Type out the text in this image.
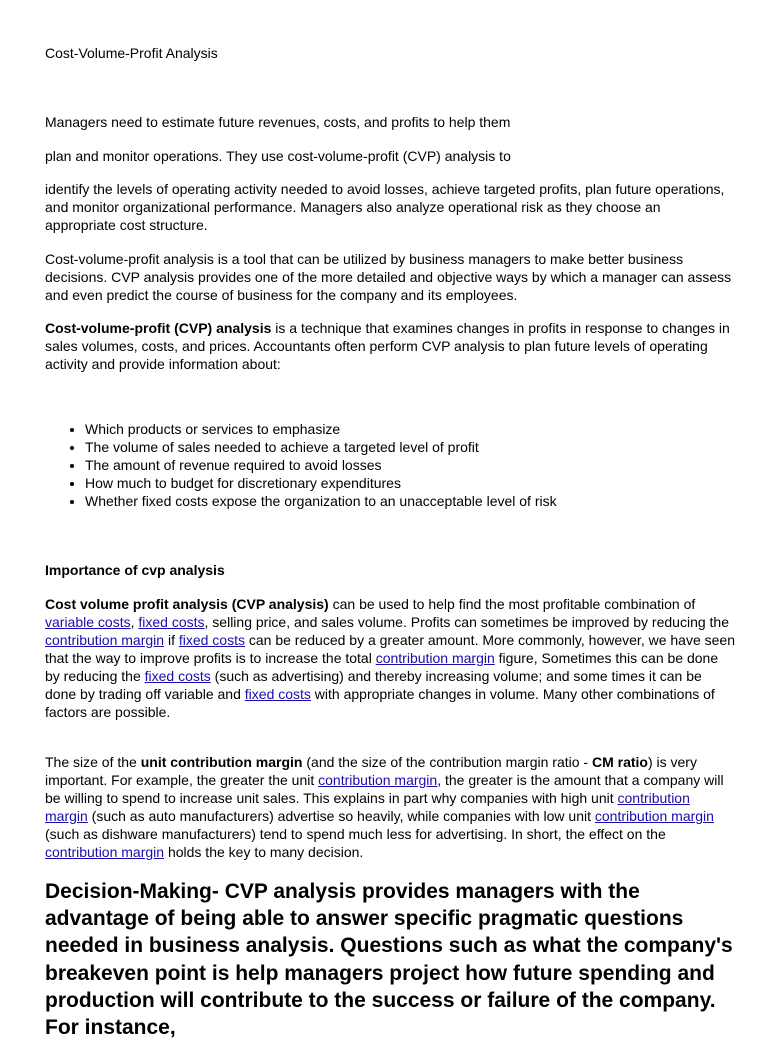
Cost-Volume-Profit Analysis

Managers need to estimate future revenues, costs, and profits to help them

plan and monitor operations. They use cost-volume-profit (CVP) analysis to

identify the levels of operating activity needed to avoid losses, achieve targeted profits, plan future operations, and monitor organizational performance. Managers also analyze operational risk as they choose an appropriate cost structure.

Cost-volume-profit analysis is a tool that can be utilized by business managers to make better business decisions. CVP analysis provides one of the more detailed and objective ways by which a manager can assess and even predict the course of business for the company and its employees.

Cost-volume-profit (CVP) analysis is a technique that examines changes in profits in response to changes in sales volumes, costs, and prices. Accountants often perform CVP analysis to plan future levels of operating activity and provide information about:

• Which products or services to emphasize
• The volume of sales needed to achieve a targeted level of profit
• The amount of revenue required to avoid losses
• How much to budget for discretionary expenditures
• Whether fixed costs expose the organization to an unacceptable level of risk
Importance of cvp analysis

Cost volume profit analysis (CVP analysis) can be used to help find the most profitable combination of variable costs, fixed costs, selling price, and sales volume. Profits can sometimes be improved by reducing the contribution margin if fixed costs can be reduced by a greater amount. More commonly, however, we have seen that the way to improve profits is to increase the total contribution margin figure, Sometimes this can be done by reducing the fixed costs (such as advertising) and thereby increasing volume; and some times it can be done by trading off variable and fixed costs with appropriate changes in volume. Many other combinations of factors are possible.

The size of the unit contribution margin (and the size of the contribution margin ratio - CM ratio) is very important. For example, the greater the unit contribution margin, the greater is the amount that a company will be willing to spend to increase unit sales. This explains in part why companies with high unit contribution margin (such as auto manufacturers) advertise so heavily, while companies with low unit contribution margin (such as dishware manufacturers) tend to spend much less for advertising. In short, the effect on the contribution margin holds the key to many decision.

Decision-Making- CVP analysis provides managers with the advantage of being able to answer specific pragmatic questions needed in business analysis. Questions such as what the company's breakeven point is help managers project how future spending and production will contribute to the success or failure of the company. For instance,
